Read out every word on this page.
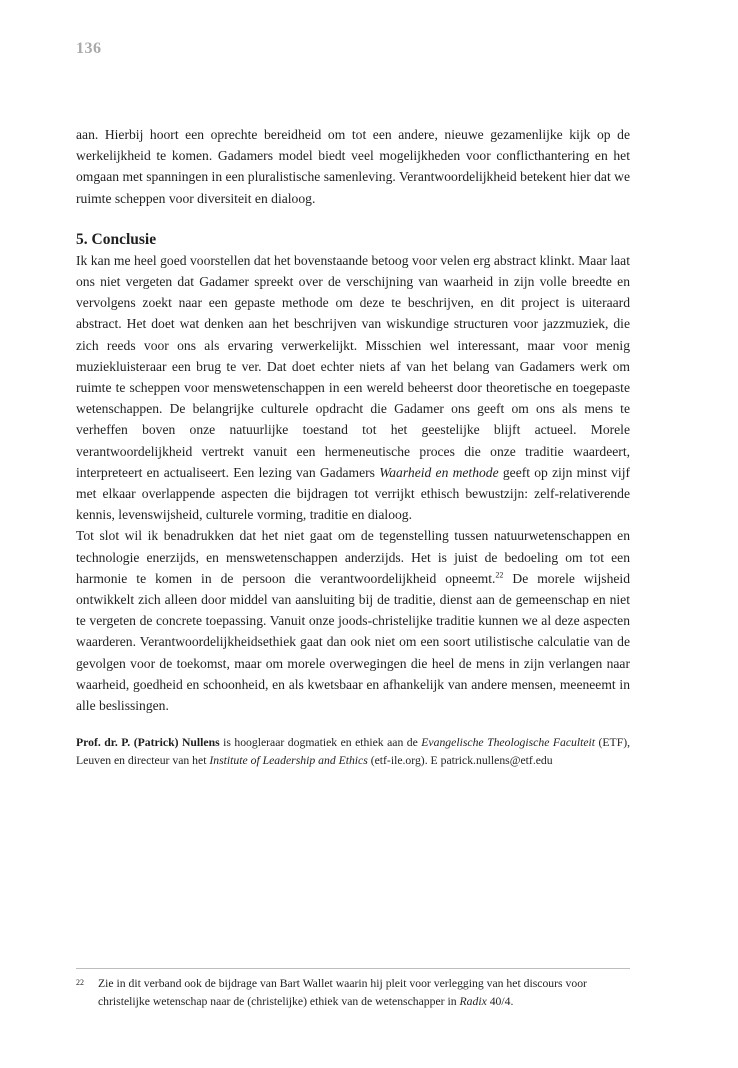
136

aan. Hierbij hoort een oprechte bereidheid om tot een andere, nieuwe gezamenlijke kijk op de werkelijkheid te komen. Gadamers model biedt veel mogelijkheden voor conflicthantering en het omgaan met spanningen in een pluralistische samenleving. Verantwoordelijkheid betekent hier dat we ruimte scheppen voor diversiteit en dialoog.

5. Conclusie

Ik kan me heel goed voorstellen dat het bovenstaande betoog voor velen erg abstract klinkt. Maar laat ons niet vergeten dat Gadamer spreekt over de verschijning van waarheid in zijn volle breedte en vervolgens zoekt naar een gepaste methode om deze te beschrijven, en dit project is uiteraard abstract. Het doet wat denken aan het beschrijven van wiskundige structuren voor jazzmuziek, die zich reeds voor ons als ervaring verwerkelijkt. Misschien wel interessant, maar voor menig muziekluisteraar een brug te ver. Dat doet echter niets af van het belang van Gadamers werk om ruimte te scheppen voor menswetenschappen in een wereld beheerst door theoretische en toegepaste wetenschappen. De belangrijke culturele opdracht die Gadamer ons geeft om ons als mens te verheffen boven onze natuurlijke toestand tot het geestelijke blijft actueel. Morele verantwoordelijkheid vertrekt vanuit een hermeneutische proces die onze traditie waardeert, interpreteert en actualiseert. Een lezing van Gadamers Waarheid en methode geeft op zijn minst vijf met elkaar overlappende aspecten die bijdragen tot verrijkt ethisch bewustzijn: zelf-relativerende kennis, levenswijsheid, culturele vorming, traditie en dialoog.

Tot slot wil ik benadrukken dat het niet gaat om de tegenstelling tussen natuurwetenschappen en technologie enerzijds, en menswetenschappen anderzijds. Het is juist de bedoeling om tot een harmonie te komen in de persoon die verantwoordelijkheid opneemt.$^{22}$ De morele wijsheid ontwikkelt zich alleen door middel van aansluiting bij de traditie, dienst aan de gemeenschap en niet te vergeten de concrete toepassing. Vanuit onze joods-christelijke traditie kunnen we al deze aspecten waarderen. Verantwoordelijkheidsethiek gaat dan ook niet om een soort utilistische calculatie van de gevolgen voor de toekomst, maar om morele overwegingen die heel de mens in zijn verlangen naar waarheid, goedheid en schoonheid, en als kwetsbaar en afhankelijk van andere mensen, meeneemt in alle beslissingen.

Prof. dr. P. (Patrick) Nullens is hoogleraar dogmatiek en ethiek aan de Evangelische Theologische Faculteit (ETF), Leuven en directeur van het Institute of Leadership and Ethics (etf-ile.org). E patrick.nullens@etf.edu

22	Zie in dit verband ook de bijdrage van Bart Wallet waarin hij pleit voor verlegging van het discours voor christelijke wetenschap naar de (christelijke) ethiek van de wetenschapper in Radix 40/4.
